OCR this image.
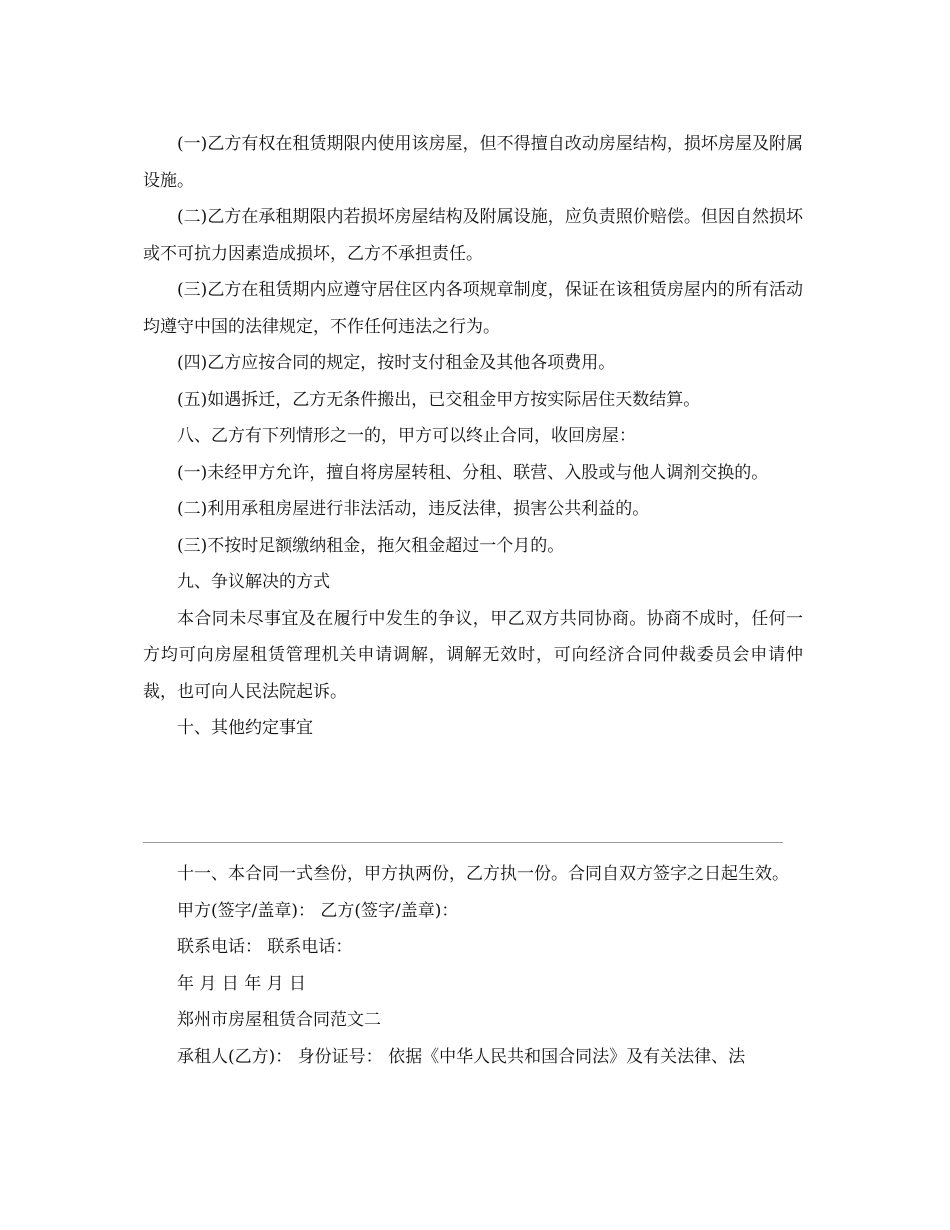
(一)乙方有权在租赁期限内使用该房屋，但不得擅自改动房屋结构，损坏房屋及附属设施。

(二)乙方在承租期限内若损坏房屋结构及附属设施，应负责照价赔偿。但因自然损坏或不可抗力因素造成损坏，乙方不承担责任。

(三)乙方在租赁期内应遵守居住区内各项规章制度，保证在该租赁房屋内的所有活动均遵守中国的法律规定，不作任何违法之行为。

(四)乙方应按合同的规定，按时支付租金及其他各项费用。

(五)如遇拆迁，乙方无条件搬出，已交租金甲方按实际居住天数结算。

八、乙方有下列情形之一的，甲方可以终止合同，收回房屋：

(一)未经甲方允许，擅自将房屋转租、分租、联营、入股或与他人调剂交换的。

(二)利用承租房屋进行非法活动，违反法律，损害公共利益的。

(三)不按时足额缴纳租金，拖欠租金超过一个月的。

九、争议解决的方式

本合同未尽事宜及在履行中发生的争议，甲乙双方共同协商。协商不成时，任何一方均可向房屋租赁管理机关申请调解，调解无效时，可向经济合同仲裁委员会申请仲裁，也可向人民法院起诉。

十、其他约定事宜

十一、本合同一式叁份，甲方执两份，乙方执一份。合同自双方签字之日起生效。

甲方(签字/盖章)： 乙方(签字/盖章)：

联系电话： 联系电话：

年 月 日 年 月 日

郑州市房屋租赁合同范文二

承租人(乙方)： 身份证号： 依据《中华人民共和国合同法》及有关法律、法
